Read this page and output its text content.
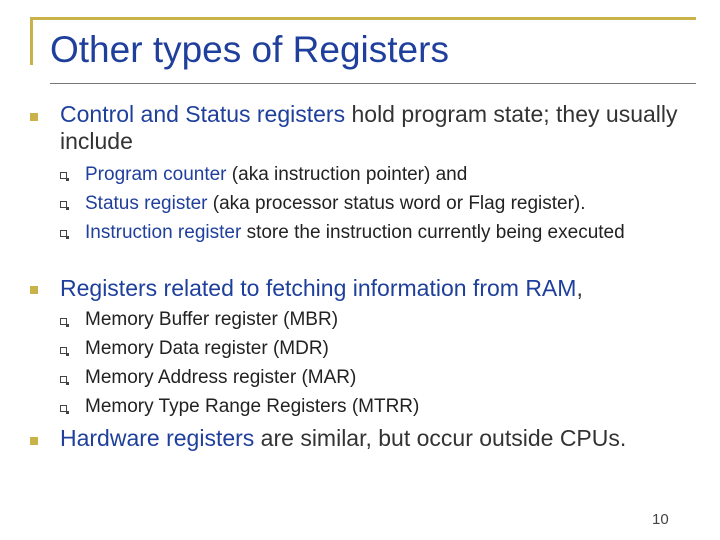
Other types of Registers
Control and Status registers hold program state; they usually include
Program counter (aka instruction pointer) and
Status register (aka processor status word or Flag register).
Instruction register store the instruction currently being executed
Registers related to fetching information from RAM,
Memory Buffer register (MBR)
Memory Data register (MDR)
Memory Address register (MAR)
Memory Type Range Registers (MTRR)
Hardware registers are similar, but occur outside CPUs.
10
